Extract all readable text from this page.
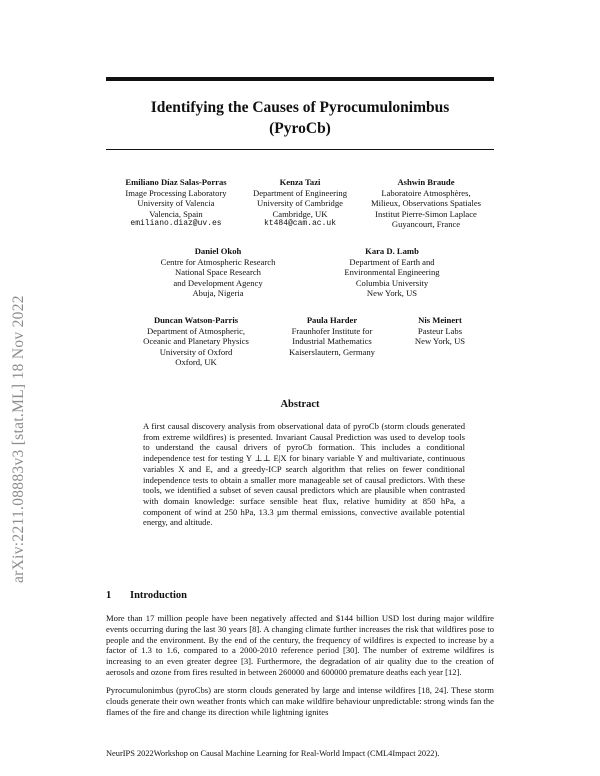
arXiv:2211.08883v3 [stat.ML] 18 Nov 2022
Identifying the Causes of Pyrocumulonimbus
(PyroCb)
Emiliano Díaz Salas-Porras
Image Processing Laboratory
University of Valencia
Valencia, Spain
emiliano.diaz@uv.es
Kenza Tazi
Department of Engineering
University of Cambridge
Cambridge, UK
kt484@cam.ac.uk
Ashwin Braude
Laboratoire Atmosphères,
Milieux, Observations Spatiales
Institut Pierre-Simon Laplace
Guyancourt, France
Daniel Okoh
Centre for Atmospheric Research
National Space Research
and Development Agency
Abuja, Nigeria
Kara D. Lamb
Department of Earth and
Environmental Engineering
Columbia University
New York, US
Duncan Watson-Parris
Department of Atmospheric,
Oceanic and Planetary Physics
University of Oxford
Oxford, UK
Paula Harder
Fraunhofer Institute for
Industrial Mathematics
Kaiserslautern, Germany
Nis Meinert
Pasteur Labs
New York, US
Abstract
A first causal discovery analysis from observational data of pyroCb (storm clouds generated from extreme wildfires) is presented. Invariant Causal Prediction was used to develop tools to understand the causal drivers of pyroCb formation. This includes a conditional independence test for testing Y ⊥⊥ E|X for binary variable Y and multivariate, continuous variables X and E, and a greedy-ICP search algorithm that relies on fewer conditional independence tests to obtain a smaller more manageable set of causal predictors. With these tools, we identified a subset of seven causal predictors which are plausible when contrasted with domain knowledge: surface sensible heat flux, relative humidity at 850 hPa, a component of wind at 250 hPa, 13.3 µm thermal emissions, convective available potential energy, and altitude.
1 Introduction
More than 17 million people have been negatively affected and $144 billion USD lost during major wildfire events occurring during the last 30 years [8]. A changing climate further increases the risk that wildfires pose to people and the environment. By the end of the century, the frequency of wildfires is expected to increase by a factor of 1.3 to 1.6, compared to a 2000-2010 reference period [30]. The number of extreme wildfires is increasing to an even greater degree [3]. Furthermore, the degradation of air quality due to the creation of aerosols and ozone from fires resulted in between 260000 and 600000 premature deaths each year [12].
Pyrocumulonimbus (pyroCbs) are storm clouds generated by large and intense wildfires [18, 24]. These storm clouds generate their own weather fronts which can make wildfire behaviour unpredictable: strong winds fan the flames of the fire and change its direction while lightning ignites
NeurIPS 2022Workshop on Causal Machine Learning for Real-World Impact (CML4Impact 2022).
